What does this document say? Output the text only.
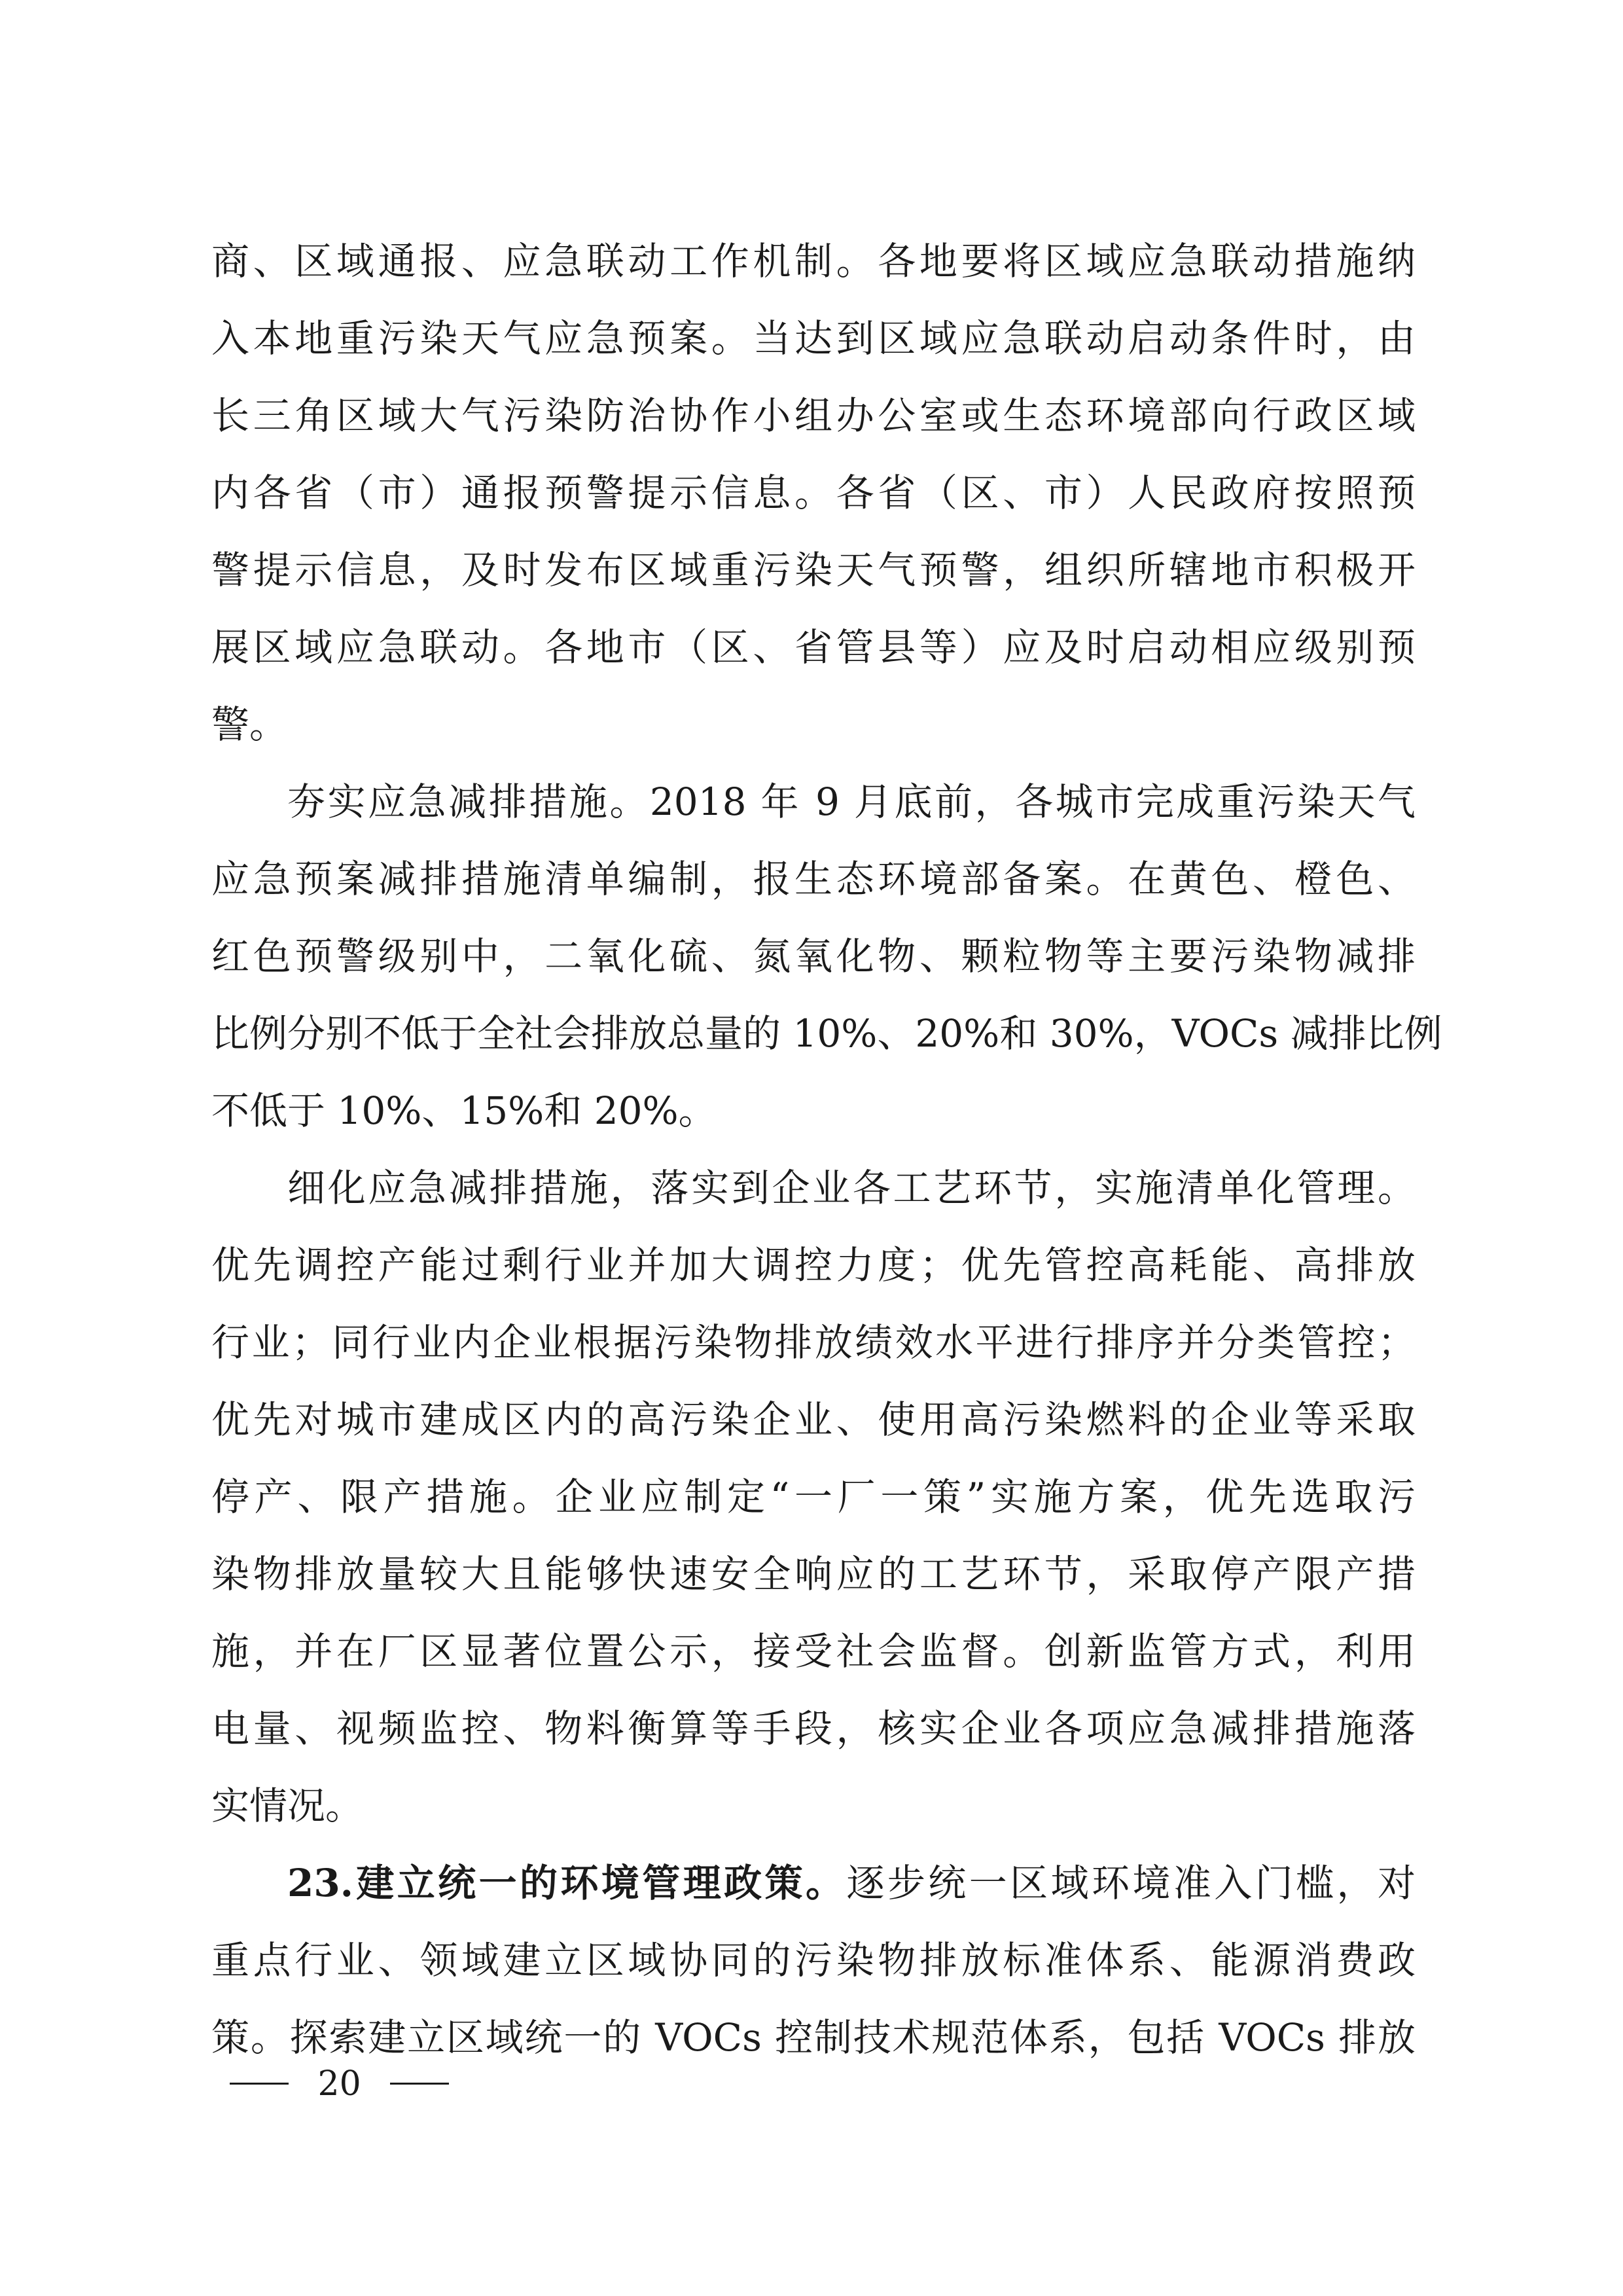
商、区域通报、应急联动工作机制。各地要将区域应急联动措施纳
入本地重污染天气应急预案。当达到区域应急联动启动条件时，由
长三角区域大气污染防治协作小组办公室或生态环境部向行政区域
内各省（市）通报预警提示信息。各省（区、市）人民政府按照预
警提示信息，及时发布区域重污染天气预警，组织所辖地市积极开
展区域应急联动。各地市（区、省管县等）应及时启动相应级别预
警。
夯实应急减排措施。2018 年 9 月底前，各城市完成重污染天气
应急预案减排措施清单编制，报生态环境部备案。在黄色、橙色、
红色预警级别中，二氧化硫、氮氧化物、颗粒物等主要污染物减排
比例分别不低于全社会排放总量的 10%、20%和 30%，VOCs 减排比例
不低于 10%、15%和 20%。
细化应急减排措施，落实到企业各工艺环节，实施清单化管理。
优先调控产能过剩行业并加大调控力度；优先管控高耗能、高排放
行业；同行业内企业根据污染物排放绩效水平进行排序并分类管控；
优先对城市建成区内的高污染企业、使用高污染燃料的企业等采取
停产、限产措施。企业应制定“一厂一策”实施方案，优先选取污
染物排放量较大且能够快速安全响应的工艺环节，采取停产限产措
施，并在厂区显著位置公示，接受社会监督。创新监管方式，利用
电量、视频监控、物料衡算等手段，核实企业各项应急减排措施落
实情况。
23.建立统一的环境管理政策。逐步统一区域环境准入门槛，对
重点行业、领域建立区域协同的污染物排放标准体系、能源消费政
策。探索建立区域统一的 VOCs 控制技术规范体系，包括 VOCs 排放
20
